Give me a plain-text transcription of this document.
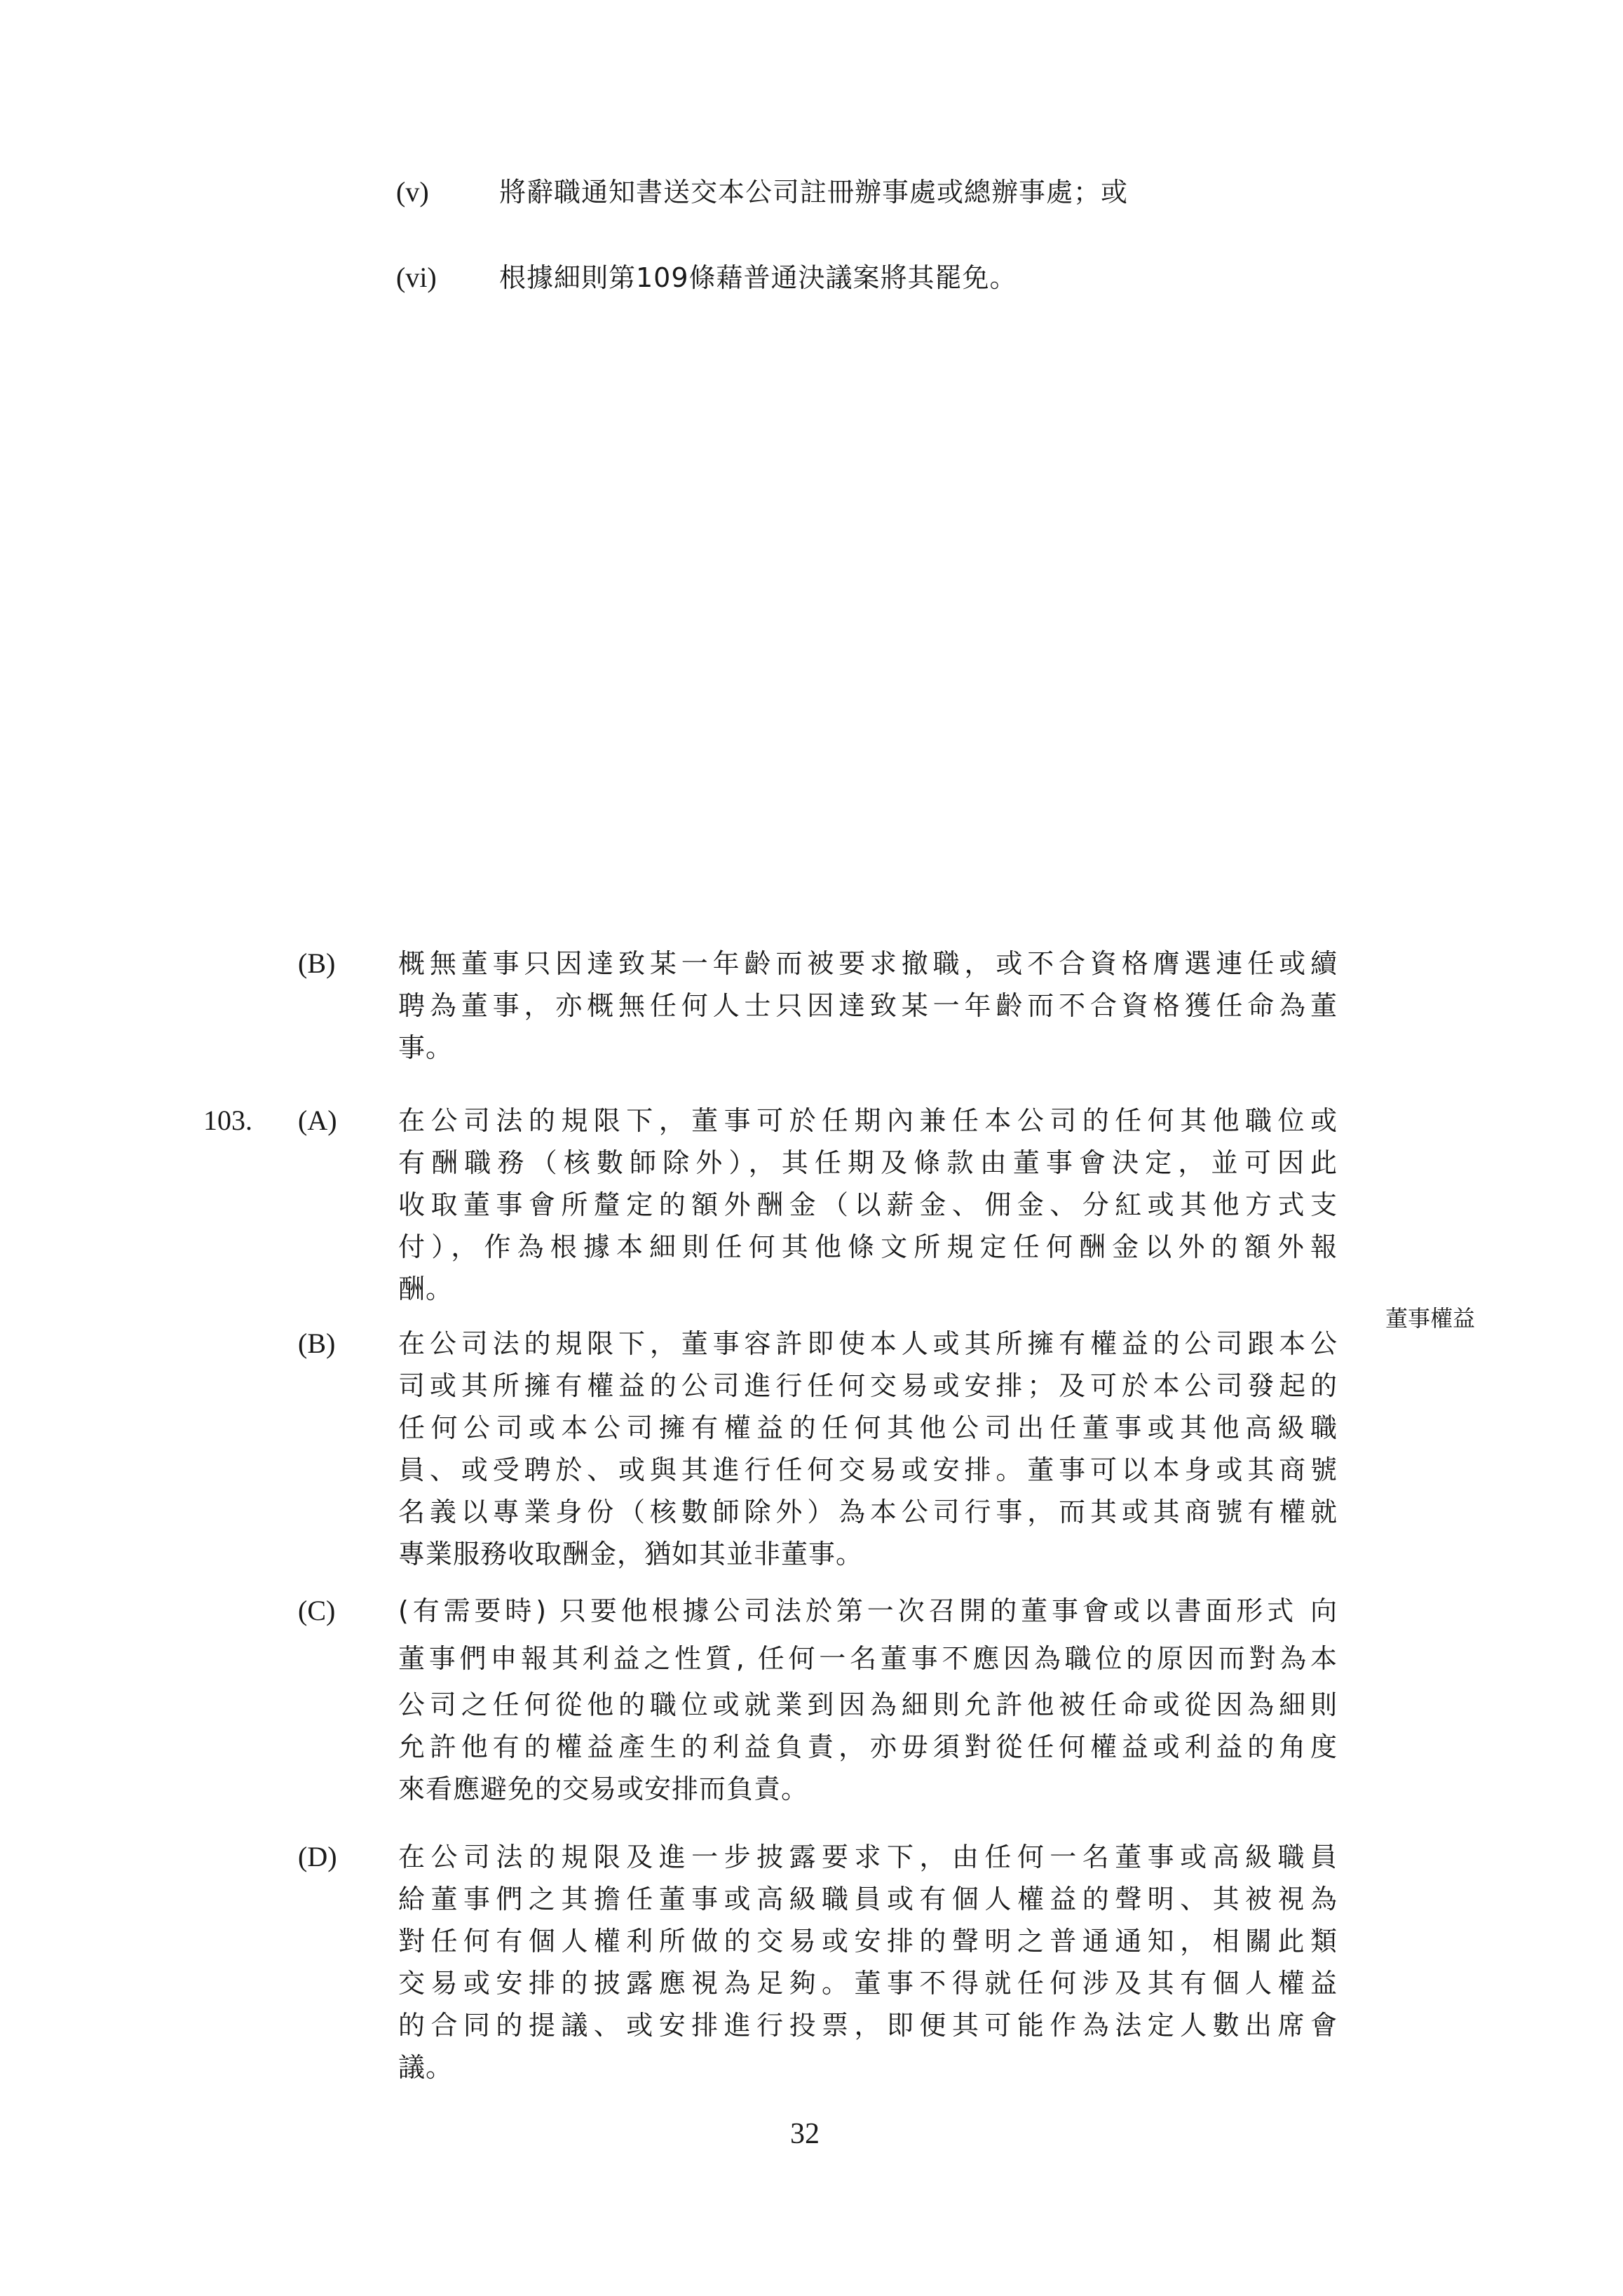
(v)	將辭職通知書送交本公司註冊辦事處或總辦事處；或
(vi) 根據細則第109條藉普通決議案將其罷免。
(B) 概無董事只因達致某一年齡而被要求撤職，或不合資格膺選連任或續
聘為董事，亦概無任何人士只因達致某一年齡而不合資格獲任命為董
事。
103. (A) 在公司法的規限下，董事可於任期內兼任本公司的任何其他職位或
有酬職務（核數師除外），其任期及條款由董事會決定，並可因此
收取董事會所釐定的額外酬金（以薪金、佣金、分紅或其他方式支
付），作為根據本細則任何其他條文所規定任何酬金以外的額外報
酬。
董事權益
(B) 在公司法的規限下，董事容許即使本人或其所擁有權益的公司跟本公
司或其所擁有權益的公司進行任何交易或安排；及可於本公司發起的
任何公司或本公司擁有權益的任何其他公司出任董事或其他高級職
員、或受聘於、或與其進行任何交易或安排。董事可以本身或其商號
名義以專業身份（核數師除外）為本公司行事，而其或其商號有權就
專業服務收取酬金，猶如其並非董事。
(C) (有需要時) 只要他根據公司法於第一次召開的董事會或以書面形式 向
董事們申報其利益之性質, 任何一名董事不應因為職位的原因而對為本
公司之任何從他的職位或就業到因為細則允許他被任命或從因為細則
允許他有的權益產生的利益負責，亦毋須對從任何權益或利益的角度
來看應避免的交易或安排而負責。
(D) 在公司法的規限及進一步披露要求下，由任何一名董事或高級職員
給董事們之其擔任董事或高級職員或有個人權益的聲明、其被視為
對任何有個人權利所做的交易或安排的聲明之普通通知，相關此類
交易或安排的披露應視為足夠。董事不得就任何涉及其有個人權益
的合同的提議、或安排進行投票，即便其可能作為法定人數出席會
議。
32
